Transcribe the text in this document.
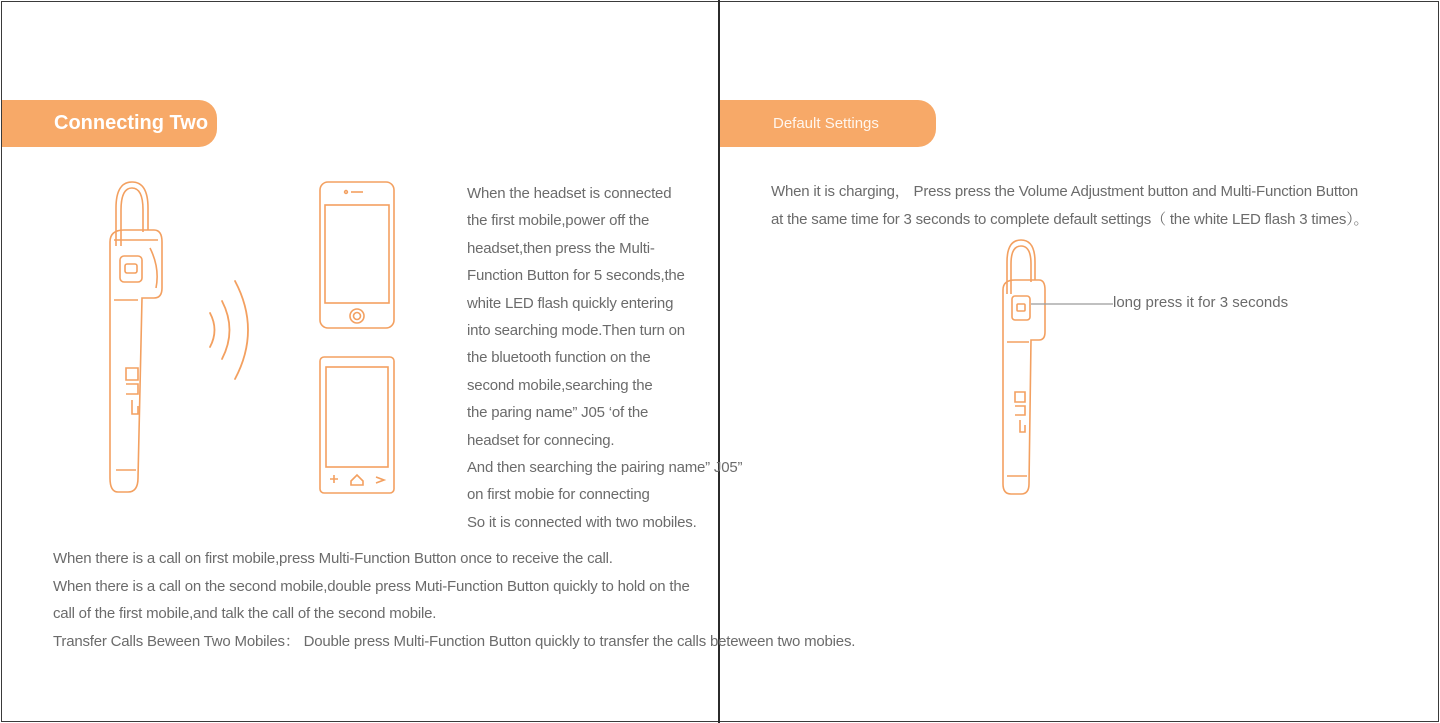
Connecting Two
When the headset is connected
the first mobile,power off the
headset,then press the Multi-
Function Button for 5 seconds,the
white LED flash quickly entering
into searching mode.Then turn on
the bluetooth function on the
second mobile,searching the
the paring name” J05 ‘of the
headset for connecing.
And then searching the pairing name” J05”
on first mobie for connecting
So it is connected with two mobiles.
When there is a call on first mobile,press Multi-Function Button once to receive the call.
When there is a call on the second mobile,double press Muti-Function Button quickly to hold on the
call of the first mobile,and talk the call of the second mobile.
Transfer Calls Beween Two Mobiles： Double press Multi-Function Button quickly to transfer the calls beteween two mobies.
Default Settings
When it is charging， Press press the Volume Adjustment button and Multi-Function Button
at the same time for 3 seconds to complete default settings（ the white LED flash 3 times）。
long press it for 3 seconds
